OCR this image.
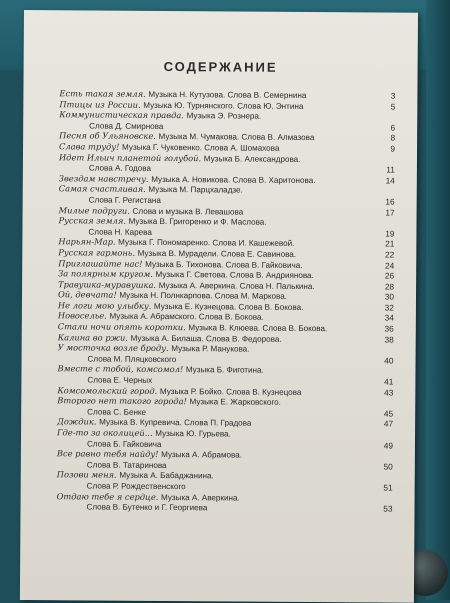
СОДЕРЖАНИЕ
Есть такая земля. Музыка Н. Кутузова. Слова В. Семернина	3
Птицы из России. Музыка Ю. Турнянского. Слова Ю. Энтина	5
Коммунистическая правда. Музыка Э. Рознера.
Слова Д. Смирнова	6
Песня об Ульяновске. Музыка М. Чумакова. Слова В. Алмазова	8
Слава труду! Музыка Г. Чуковенко. Слова А. Шомахова	9
Идет Ильич планетой голубой. Музыка Б. Александрова.
Слова А. Годова	11
Звездам навстречу. Музыка А. Новикова. Слова В. Харитонова.	14
Самая счастливая. Музыка М. Парцхаладзе.
Слова Г. Регистана	16
Милые подруги. Слова и музыка В. Левашова	17
Русская земля. Музыка В. Григоренко и Ф. Маслова.
Слова Н. Карева	19
Нарьян-Мар. Музыка Г. Пономаренко. Слова И. Кашежевой.	21
Русская гармонь. Музыка В. Мурадели. Слова Е. Савинова.	22
Приглашайте нас! Музыка Б. Тихонова. Слова В. Гайковича.	24
За полярным кругом. Музыка Г. Светова. Слова В. Андриянова.	26
Травушка-муравушка. Музыка А. Аверкина. Слова Н. Палькина.	28
Ой, девчата! Музыка Н. Полнкарпова. Слова М. Маркова.	30
Не логи мою улыбку. Музыка Е. Кузнецова. Слова В. Бокова.	32
Новоселье. Музыка А. Абрамского. Слова В. Бокова.	34
Стали ночи опять коротки. Музыка В. Клюева. Слова В. Бокова.	36
Калина во ржи. Музыка А. Билаша. Слова В. Федорова.	38
У мосточка возле броду. Музыка Р. Манукова.
Слова М. Пляцковского	40
Вместе с тобой, комсомол! Музыка Б. Фиготина.
Слова Е. Черных	41
Комсомольский город. Музыка Р. Бойко. Слова В. Кузнецова	43
Второго нет такого города! Музыка Е. Жарковского.
Слова С. Бенке	45
Дождик. Музыка В. Купревича. Слова П. Градова	47
Где-то за околицей... Музыка Ю. Гурьева.
Слова Б. Гайковича	49
Все равно тебя найду! Музыка А. Абрамова.
Слова В. Татаринова	50
Позови меня. Музыка А. Бабаджанина.
Слова Р. Рождественского	51
Отдаю тебе я сердце. Музыка А. Аверкина.
Слова В. Бутенко и Г. Георгиева	53
